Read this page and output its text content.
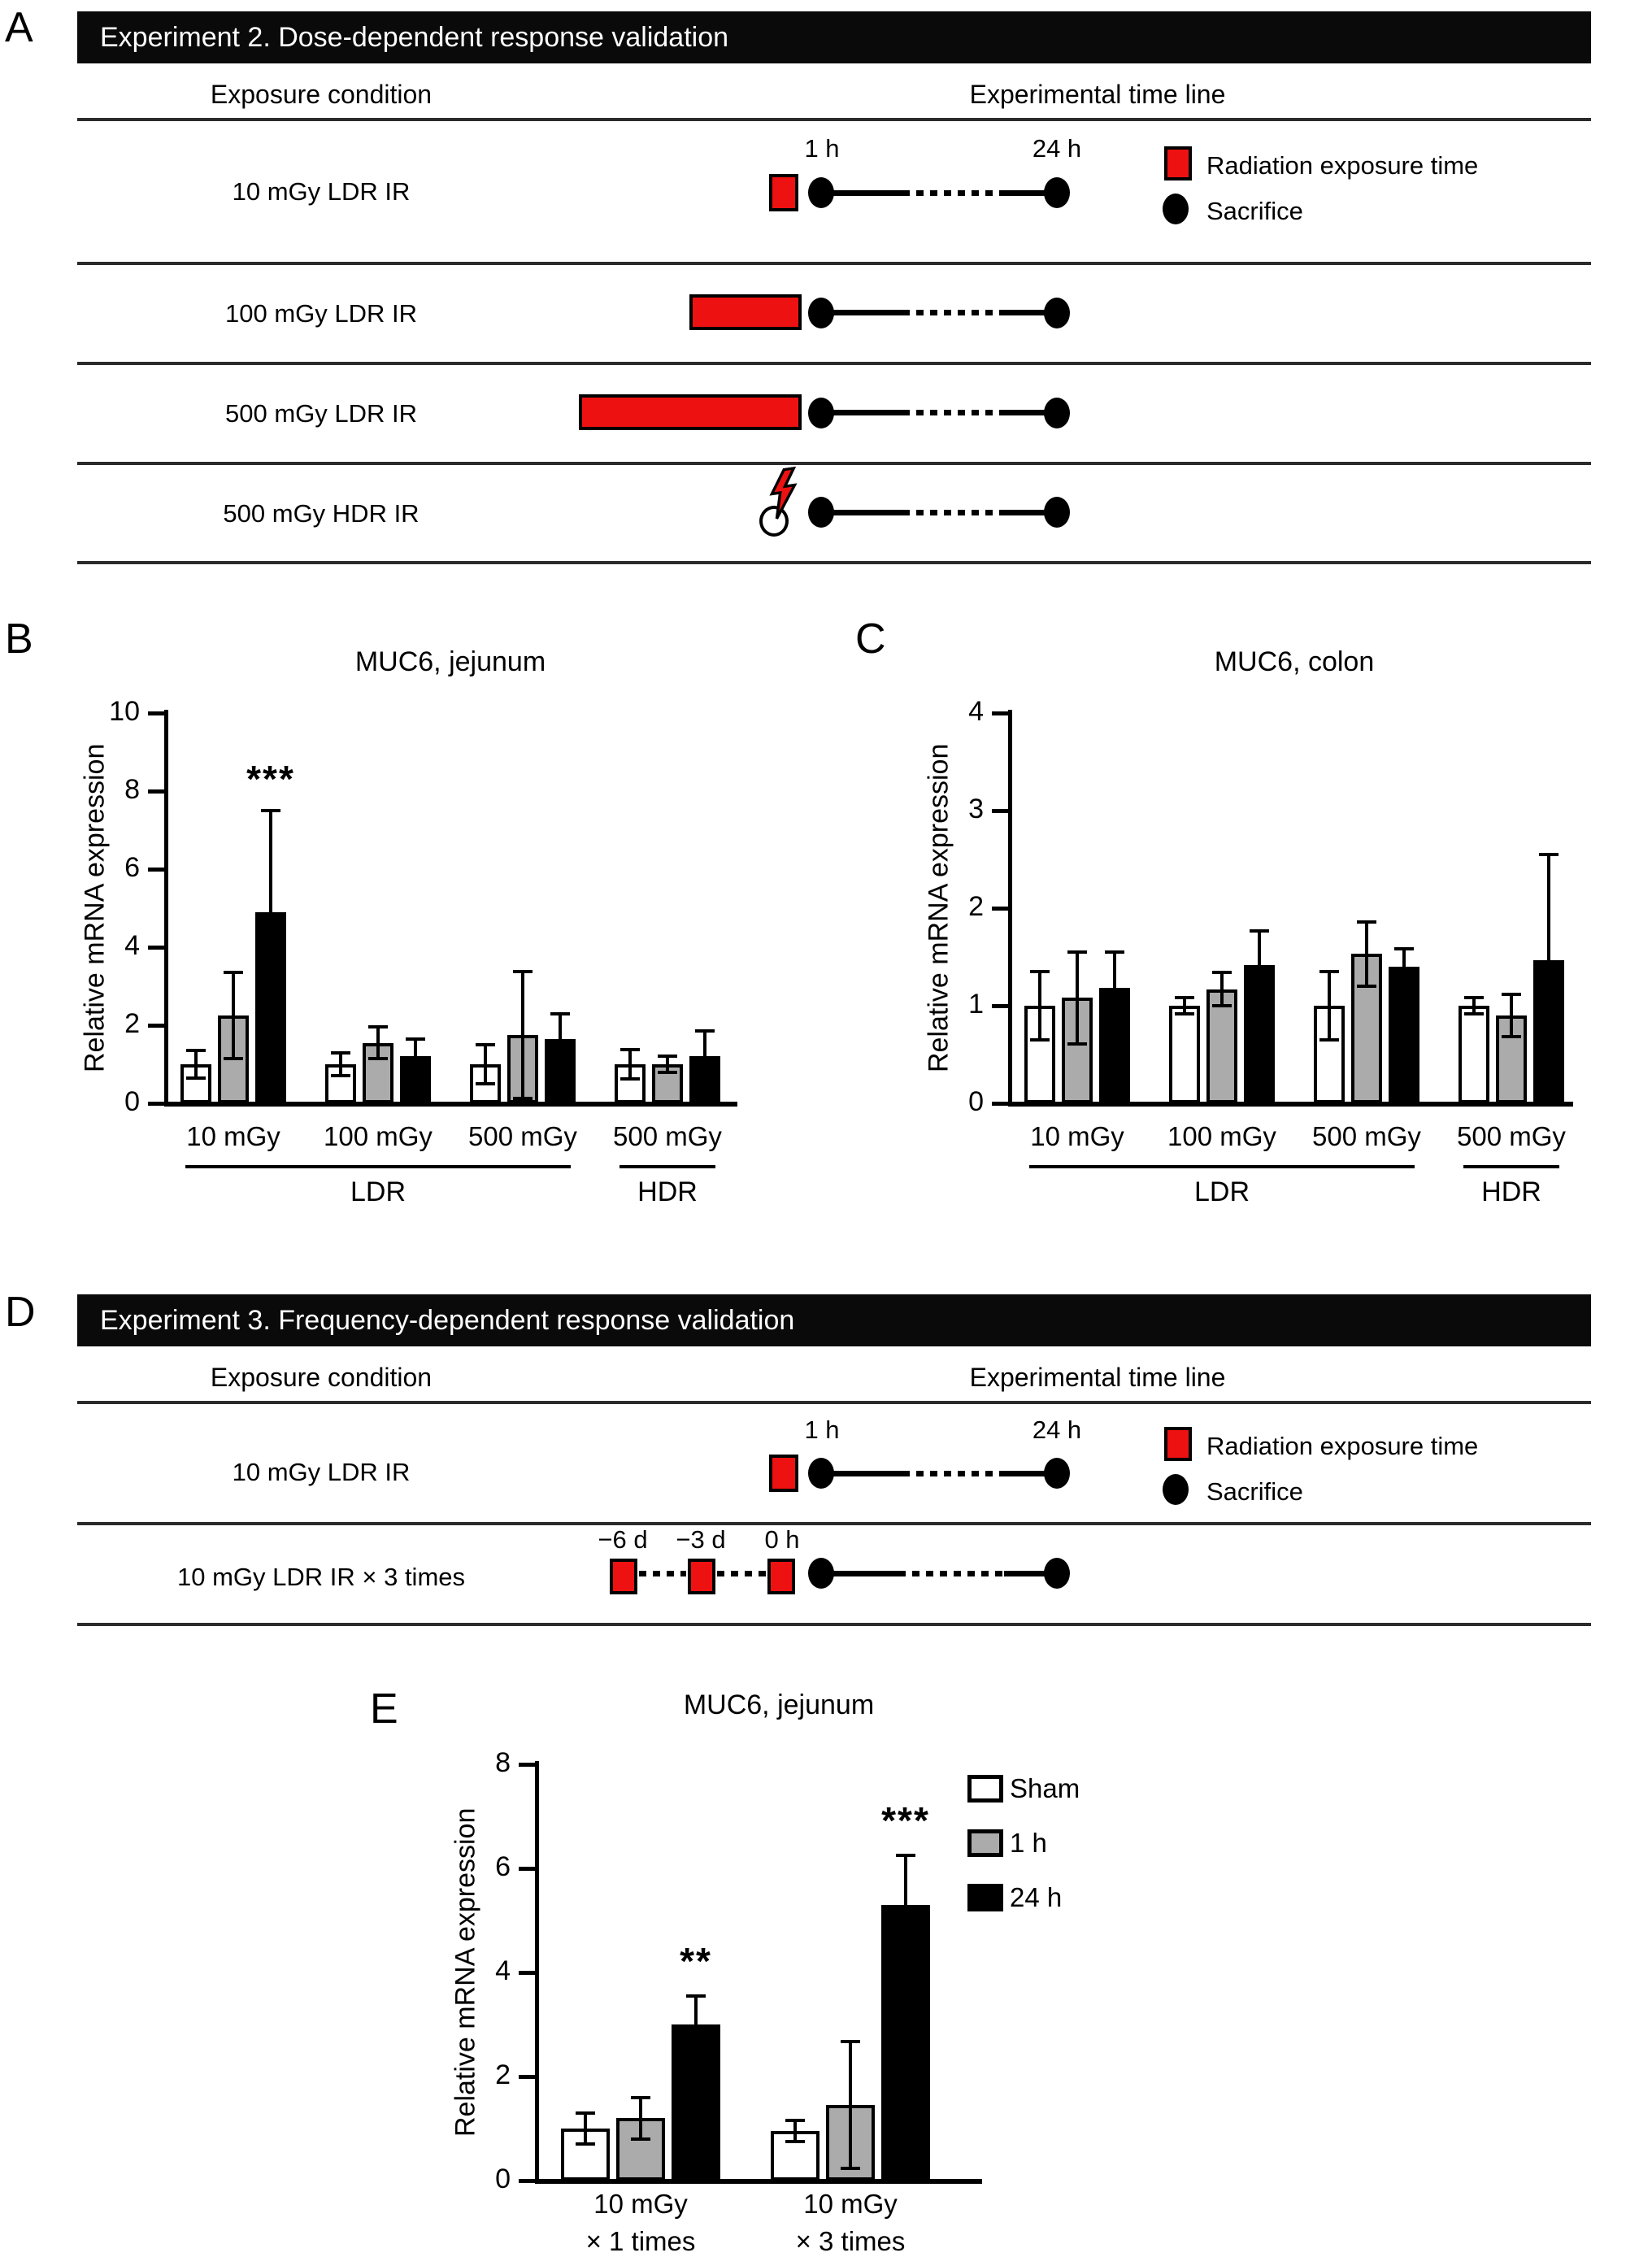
A	Experiment 2. Dose-dependent response validation
Exposure condition	Experimental time line
10 mGy LDR IR
1 h	24 h
Radiation exposure time
Sacrifice
100 mGy LDR IR
500 mGy LDR IR
500 mGy HDR IR
B	MUC6, jejunum
Relative mRNA expression
0
2
4
6
8
10
***
10 mGy	100 mGy	500 mGy	500 mGy
LDR	HDR
C	MUC6, colon
Relative mRNA expression
0
1
2
3
4
10 mGy	100 mGy	500 mGy	500 mGy
LDR	HDR
D	Experiment 3. Frequency-dependent response validation
Exposure condition	Experimental time line
10 mGy LDR IR
1 h	24 h
Radiation exposure time
Sacrifice
10 mGy LDR IR × 3 times
−6 d	−3 d	0 h
E	MUC6, jejunum
Relative mRNA expression
0
2
4
6
8
**
***
10 mGy
× 1 times
10 mGy
× 3 times
Sham
1 h
24 h
